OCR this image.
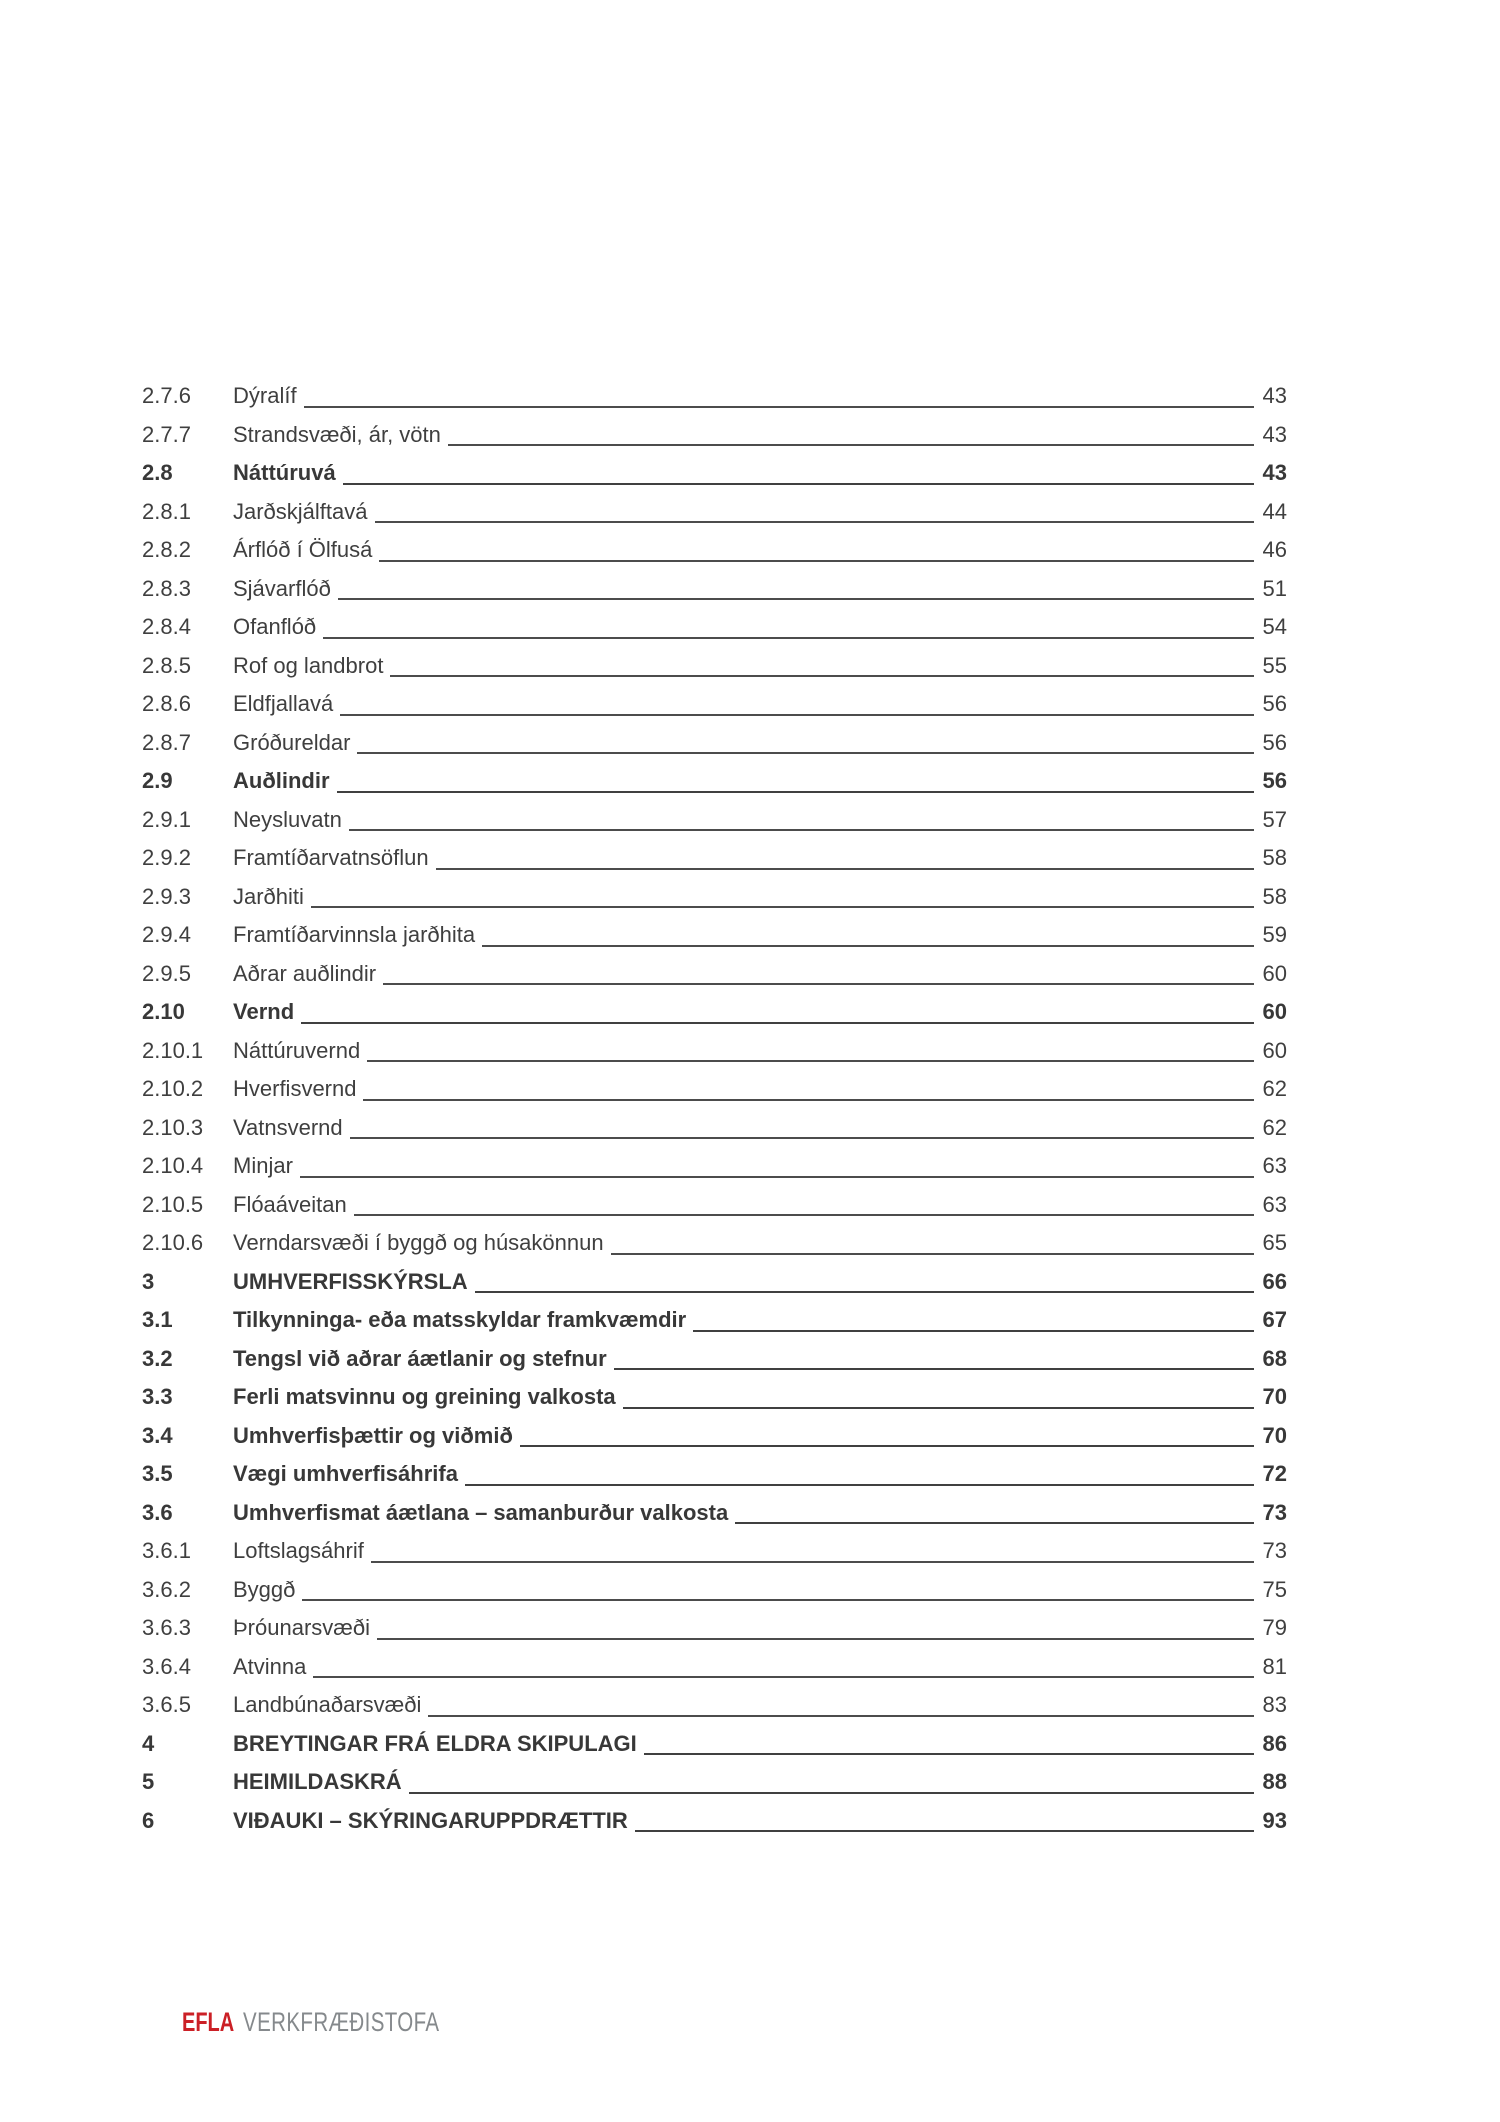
2.7.6	Dýralíf	43
2.7.7	Strandsvæði, ár, vötn	43
2.8	Náttúruvá	43
2.8.1	Jarðskjálftavá	44
2.8.2	Árflóð í Ölfusá	46
2.8.3	Sjávarflóð	51
2.8.4	Ofanflóð	54
2.8.5	Rof og landbrot	55
2.8.6	Eldfjallavá	56
2.8.7	Gróðureldar	56
2.9	Auðlindir	56
2.9.1	Neysluvatn	57
2.9.2	Framtíðarvatnsöflun	58
2.9.3	Jarðhiti	58
2.9.4	Framtíðarvinnsla jarðhita	59
2.9.5	Aðrar auðlindir	60
2.10	Vernd	60
2.10.1	Náttúruvernd	60
2.10.2	Hverfisvernd	62
2.10.3	Vatnsvernd	62
2.10.4	Minjar	63
2.10.5	Flóaáveitan	63
2.10.6	Verndarsvæði í byggð og húsakönnun	65
3	UMHVERFISSKÝRSLA	66
3.1	Tilkynninga- eða matsskyldar framkvæmdir	67
3.2	Tengsl við aðrar áætlanir og stefnur	68
3.3	Ferli matsvinnu og greining valkosta	70
3.4	Umhverfisþættir og viðmið	70
3.5	Vægi umhverfisáhrifa	72
3.6	Umhverfismat áætlana – samanburður valkosta	73
3.6.1	Loftslagsáhrif	73
3.6.2	Byggð	75
3.6.3	Þróunarsvæði	79
3.6.4	Atvinna	81
3.6.5	Landbúnaðarsvæði	83
4	BREYTINGAR FRÁ ELDRA SKIPULAGI	86
5	HEIMILDASKRÁ	88
6	VIÐAUKI – SKÝRINGARUPPDRÆTTIR	93
EFLA VERKFRÆÐISTOFA
